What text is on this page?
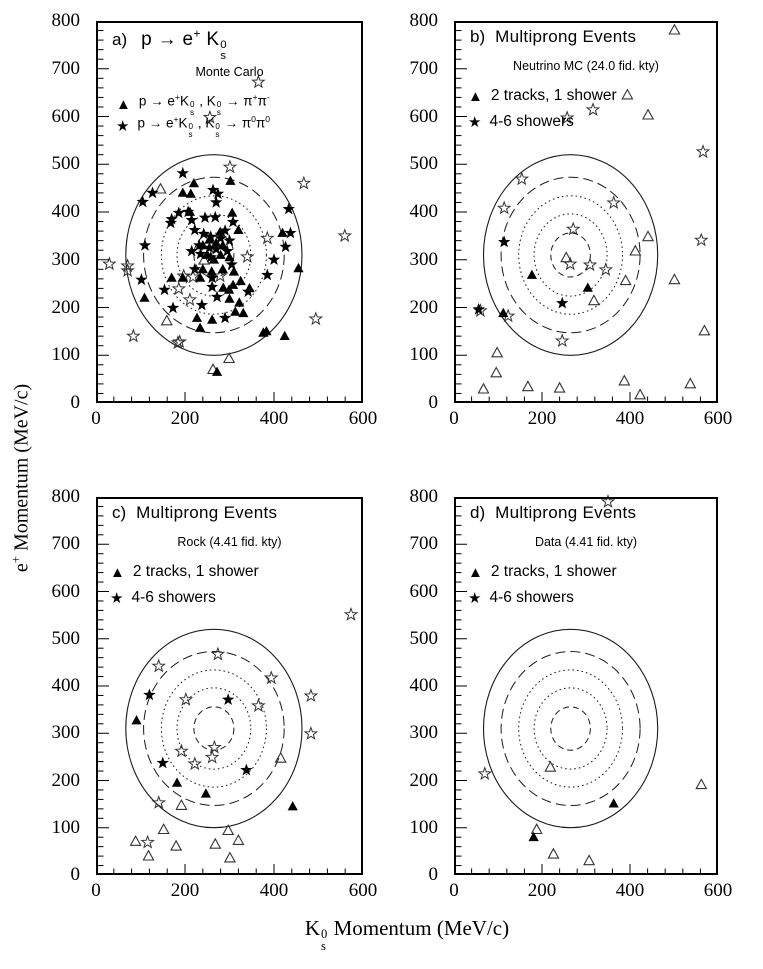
a) p → e+ K 0
s
Monte Carlo
▲ p → e+K 0
s
, K 0
s
→ π+π-
★ p → e+K 0
s
, K 0
s
→ $\pi^0\pi^0$
0
100
200
300
400
500
600
700
800
0	200	400	600
b) Multiprong Events
Neutrino MC (24.0 fid. kty)
▲ 2 tracks, 1 shower
★ 4-6 showers
0
100
200
300
400
500
600
700
800
0	200	400	600
c) Multiprong Events
Rock (4.41 fid. kty)
▲ 2 tracks, 1 shower
★ 4-6 showers
0
100
200
300
400
500
600
700
800
0	200	400	600
d) Multiprong Events
Data (4.41 fid. kty)
▲ 2 tracks, 1 shower
★ 4-6 showers
0
100
200
300
400
500
600
700
800
0	200	400	600
e+ Momentum (MeV/c)
K 0
s
Momentum (MeV/c)
